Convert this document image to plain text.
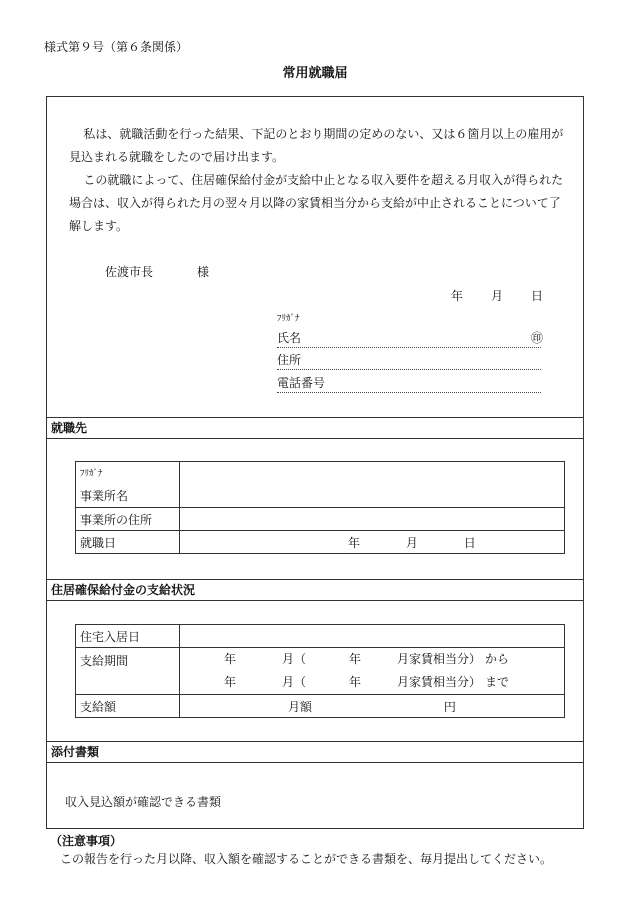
様式第９号（第６条関係）
常用就職届

私は、就職活動を行った結果、下記のとおり期間の定めのない、又は６箇月以上の雇用が見込まれる就職をしたので届け出ます。

この就職によって、住居確保給付金が支給中止となる収入要件を超える月収入が得られた場合は、収入が得られた月の翌々月以降の家賃相当分から支給が中止されることについて了解します。

佐渡市長	様
年 月 日
ﾌﾘｶﾞﾅ
氏名	㊞
住所
電話番号
就職先
ﾌﾘｶﾞﾅ
事業所名	

事業所の住所	
就職日	年 月 日
住居確保給付金の支給状況
住宅入居日	
支給期間	年 月（ 年 月家賃相当分） から
年 月（ 年 月家賃相当分） まで

支給額	月額 円
添付書類
収入見込額が確認できる書類
（注意事項）
この報告を行った月以降、収入額を確認することができる書類を、毎月提出してください。
